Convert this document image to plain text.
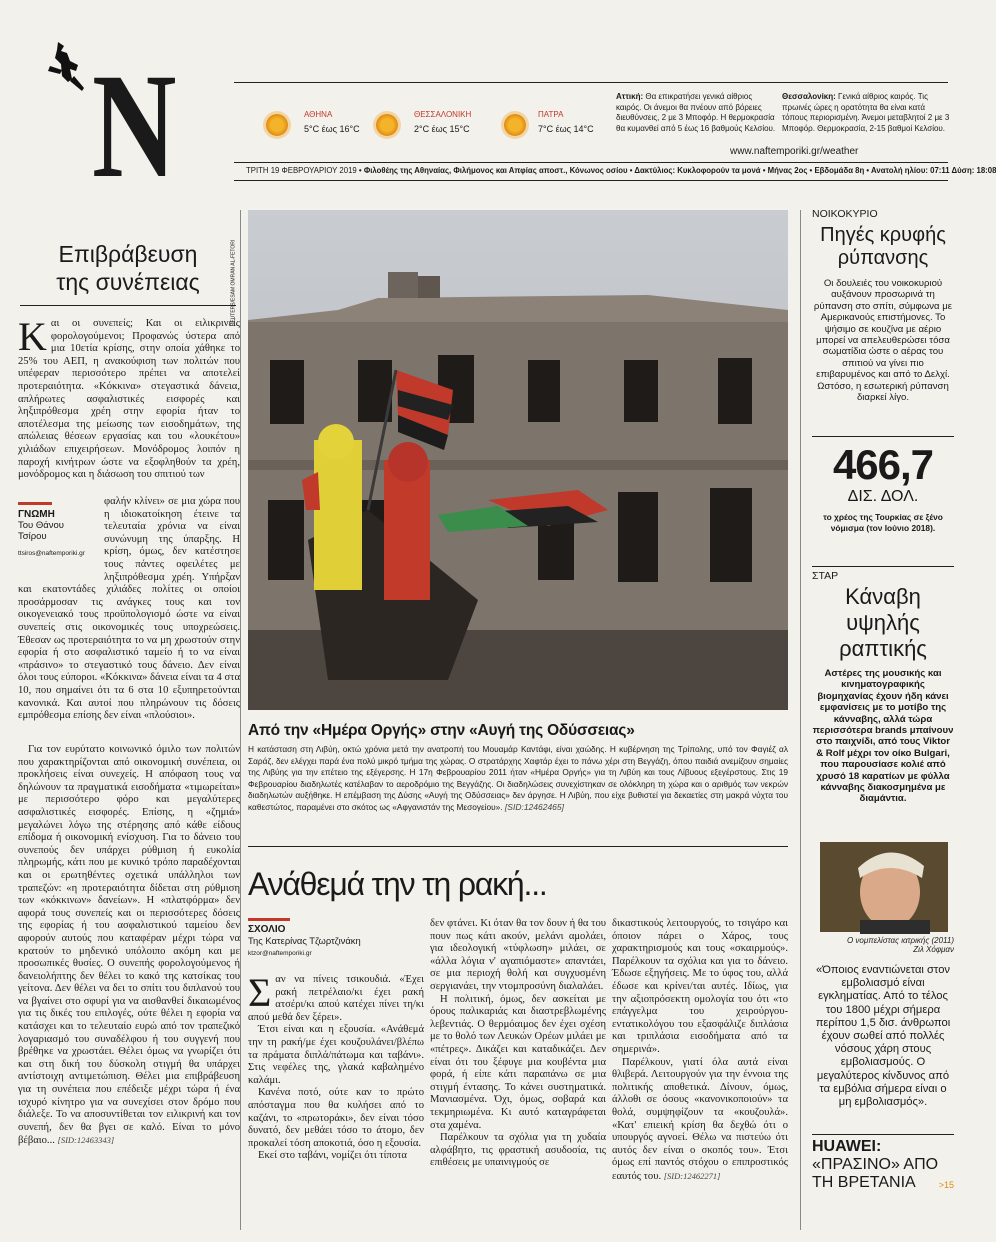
N	ΑΘΗΝΑ
5°C έως 16°C
ΘΕΣΣΑΛΟΝΙΚΗ
2°C έως 15°C
ΠΑΤΡΑ
7°C έως 14°C
Αττική: Θα επικρατήσει γενικά αίθριος καιρός. Οι άνεμοι θα πνέουν από βόρειες διευθύνσεις, 2 με 3 Μποφόρ. Η θερμοκρασία θα κυμανθεί από 5 έως 16 βαθμούς Κελσίου.
Θεσσαλονίκη: Γενικά αίθριος καιρός. Τις πρωινές ώρες η ορατότητα θα είναι κατά τόπους περιορισμένη. Άνεμοι μεταβλητοί 2 με 3 Μποφόρ. Θερμοκρασία, 2-15 βαθμοί Κελσίου.
www.naftemporiki.gr/weather
ΤΡΙΤΗ 19 ΦΕΒΡΟΥΑΡΙΟΥ 2019 • Φιλοθέης της Αθηναίας, Φιλήμονος και Απφίας αποστ., Κόνωνος οσίου • Δακτύλιος: Κυκλοφορούν τα μονά • Μήνας 2ος • Εβδομάδα 8η • Ανατολή ηλίου: 07:11 Δύση: 18:08
Επιβράβευση
της συνέπειας
Κ αι οι συνεπείς; Και οι ειλικρινείς φορολογούμενοι; Προφανώς ύστερα από μια 10ετία κρίσης, στην οποία χάθηκε το 25% του ΑΕΠ, η ανακούφιση των πολιτών που υπέφεραν περισσότερο πρέπει να αποτελεί προτεραιότητα. «Κόκκινα» στεγαστικά δάνεια, απλήρωτες ασφαλιστικές εισφορές και ληξιπρόθεσμα χρέη στην εφορία ήταν το αποτέλεσμα της μείωσης των εισοδημάτων, της απώλειας θέσεων εργασίας και του «λουκέτου» χιλιάδων επιχειρήσεων. Μονόδρομος λοιπόν η παροχή κινήτρων ώστε να εξοφληθούν τα χρέη, μονόδρομος και η διάσωση του σπιτιού των
ΓΝΩΜΗ
Του Θάνου
Τσίρου
ttsiros@naftemporiki.gr
φαλήν κλίνει» σε μια χώρα που η ιδιοκατοίκηση έτεινε τα τελευταία χρόνια να είναι συνώνυμη της ύπαρξης. Η κρίση, όμως, δεν κατέστησε τους πάντες οφειλέτες με ληξιπρόθεσμα χρέη. Υπήρξαν και εκατοντάδες χιλιάδες πολίτες οι οποίοι προσάρμοσαν τις ανάγκες τους και τον οικογενειακό τους προϋπολογισμό ώστε να είναι συνεπείς στις οικονομικές τους υποχρεώσεις. Έθεσαν ως προτεραιότητα το να μη χρωστούν στην εφορία ή στο ασφαλιστικό ταμείο ή το να είναι «πράσινο» το στεγαστικό τους δάνειο. Δεν είναι όλοι τους εύποροι. «Κόκκινα» δάνεια είναι τα 4 στα 10, που σημαίνει ότι τα 6 στα 10 εξυπηρετούνται κανονικά. Και αυτοί που πληρώνουν τις δόσεις εμπρόθεσμα επίσης δεν είναι «πλούσιοι».

Για τον ευρύτατο κοινωνικό όμιλο των πολιτών που χαρακτηρίζονται από οικονομική συνέπεια, οι προκλήσεις είναι συνεχείς. Η απόφαση τους να δηλώνουν τα πραγματικά εισοδήματα «τιμωρείται» με περισσότερο φόρο και μεγαλύτερες ασφαλιστικές εισφορές. Επίσης, η «ζημιά» μεγαλώνει λόγω της στέρησης από κάθε είδους επίδομα ή οικονομική ενίσχυση. Για το δάνειο του συνεπούς δεν υπάρχει ρύθμιση ή ευκολία πληρωμής, κάτι που με κυνικό τρόπο παραδέχονται και οι ερωτηθέντες σχετικά υπάλληλοι των τραπεζών: «η προτεραιότητα δίδεται στη ρύθμιση των «κόκκινων» δανείων». Η «πλατφόρμα» δεν αφορά τους συνεπείς και οι περισσότερες δόσεις της εφορίας ή του ασφαλιστικού ταμείου δεν αφορούν αυτούς που καταφέραν μέχρι τώρα να κρατούν το μηδενικό υπόλοιπο ακόμη και με προσωπικές θυσίες. Ο συνεπής φορολογούμενος ή δανειολήπτης δεν θέλει το κακό της κατσίκας του γείτονα. Δεν θέλει να δει το σπίτι του διπλανού του να βγαίνει στο σφυρί για να αισθανθεί δικαιωμένος για τις δικές του επιλογές, ούτε θέλει η εφορία να κατάσχει και το τελευταίο ευρώ από τον τραπεζικό λογαριασμό του συναδέλφου ή του συγγενή που βρέθηκε να χρωστάει. Θέλει όμως να γνωρίζει ότι και στη δική του δύσκολη στιγμή θα υπάρχει αντίστοιχη αντιμετώπιση. Θέλει μια επιβράβευση για τη συνέπεια που επέδειξε μέχρι τώρα ή ένα ισχυρό κίνητρο για να συνεχίσει στον δρόμο που διάλεξε. Το να αποσυντίθεται τον ειλικρινή και τον συνεπή, δεν θα βγει σε καλό. Είναι το μόνο βέβαιο... [SID:12463343]

REUTERS/ESAM OMRAN AL-FETORI
Από την «Ημέρα Οργής» στην «Αυγή της Οδύσσειας»
Η κατάσταση στη Λιβύη, οκτώ χρόνια μετά την ανατροπή του Μουαμάρ Καντάφι, είναι χαώδης. Η κυβέρνηση της Τρίπολης, υπό τον Φαγιέζ αλ Σαράζ, δεν ελέγχει παρά ένα πολύ μικρό τμήμα της χώρας. Ο στρατάρχης Χαφτάρ έχει το πάνω χέρι στη Βεγγάζη, όπου παιδιά ανεμίζουν σημαίες της Λιβύης για την επέτειο της εξέγερσης. Η 17η Φεβρουαρίου 2011 ήταν «Ημέρα Οργής» για τη Λιβύη και τους Λίβυους εξεγέρστους. Στις 19 Φεβρουαρίου διαδηλωτές κατέλαβαν το αεροδρόμιο της Βεγγάζης. Οι διαδηλώσεις συνεχίστηκαν σε ολόκληρη τη χώρα και ο αριθμός των νεκρών διαδηλωτών αυξήθηκε. Η επέμβαση της Δύσης «Αυγή της Οδύσσειας» δεν άργησε. Η Λιβύη, που είχε βυθιστεί για δεκαετίες στη μακρά νύχτα του καθεστώτος, παραμένει στο σκότος ως «Αφγανιστάν της Μεσογείου». [SID:12462465]
Ανάθεμά την τη ρακή...
ΣΧΟΛΙΟ
Της Κατερίνας Τζωρτζινάκη
ktzor@naftemporiki.gr
Σ αν να πίνεις τσικουδιά. «Έχει ρακή πετρέλαιο/κι έχει ρακή ατσέρι/κι απού κατέχει πίνει τη/κι απού μεθά δεν ξέρει».

Έτσι είναι και η εξουσία. «Ανάθεμά την τη ρακή/με έχει κουζουλάνει/βλέπω τα πράματα διπλά/πάτωμα και ταβάνι». Στις νεφέλες της, γλακά καβαλημένο καλάμι.

Κανένα ποτό, ούτε καν το πρώτο απόσταγμα που θα κυλήσει από το καζάνι, το «πρωτοράκι», δεν είναι τόσο δυνατό, δεν μεθάει τόσο το άτομο, δεν προκαλεί τόση αποκοτιά, όσο η εξουσία.

Εκεί στο ταβάνι, νομίζει ότι τίποτα

δεν φτάνει. Κι όταν θα τον δουν ή θα του πουν πως κάτι ακούν, μελάνι αμολάει, για ιδεολογική «τύφλωση» μιλάει, σε «άλλα λόγια ν' αγαπιόμαστε» απαντάει, σε μια περιοχή θολή και συγχυσμένη σεργιανάει, την ντομπροσύνη διαλαλάει.

Η πολιτική, όμως, δεν ασκείται με όρους παλικαριάς και διαστρεβλωμένης λεβεντιάς. Ο θερμόαιμος δεν έχει σχέση με το θολό των Λευκών Ορέων μιλάει με «πέτρες». Δικάζει και καταδικάζει. Δεν είναι ότι του ξέφυγε μια κουβέντα μια φορά, ή είπε κάτι παραπάνω σε μια στιγμή έντασης. Το κάνει συστηματικά. Μανιασμένα. Όχι, όμως, σοβαρά και τεκμηριωμένα. Κι αυτό καταγράφεται στα χαμένα.

Παρέλκουν τα σχόλια για τη χυδαία αλφάβητο, τις φραστική ασυδοσία, τις επιθέσεις με υπαινιγμούς σε

δικαστικούς λειτουργούς, το τσιγάρο και όποιον πάρει ο Χάρος, τους χαρακτηρισμούς και τους «σκαιρμούς». Παρέλκουν τα σχόλια και για το δάνειο. Έδωσε εξηγήσεις. Με το ύφος του, αλλά έδωσε και κρίνει/ται αυτές. Ιδίως, για την αξιοπρόσεκτη ομολογία του ότι «το επάγγελμα του χειρούργου-εντατικολόγου του εξασφάλιζε διπλάσια και τριπλάσια εισοδήματα από τα σημερινά».

Παρέλκουν, γιατί όλα αυτά είναι θλιβερά. Λειτουργούν για την έννοια της πολιτικής αποθετικά. Δίνουν, όμως, άλλοθι σε όσους «κανονικοποιούν» τα θολά, συμψηφίζουν τα «κουζουλά». «Κατ' επιεική κρίση θα δεχθώ ότι ο υπουργός αγνοεί. Θέλω να πιστεύω ότι αυτός δεν είναι ο σκοπός του». Έτσι όμως επί παντός στόχου ο επιπροστικός εαυτός του. [SID:12462271]

ΝΟΙΚΟΚΥΡΙΟ
Πηγές κρυφής
ρύπανσης
Οι δουλειές του νοικοκυριού αυξάνουν προσωρινά τη ρύπανση στο σπίτι, σύμφωνα με Αμερικανούς επιστήμονες. Το ψήσιμο σε κουζίνα με αέριο μπορεί να απελευθερώσει τόσα σωματίδια ώστε ο αέρας του σπιτιού να γίνει πιο επιβαρυμένος και από το Δελχί. Ωστόσο, η εσωτερική ρύπανση διαρκεί λίγο.
466,7
ΔΙΣ. ΔΟΛ.
το χρέος της Τουρκίας σε ξένο νόμισμα (τον Ιούνιο 2018).
ΣΤΑΡ
Κάναβη
υψηλής
ραπτικής
Αστέρες της μουσικής και κινηματογραφικής βιομηχανίας έχουν ήδη κάνει εμφανίσεις με το μοτίβο της κάνναβης, αλλά τώρα περισσότερα brands μπαίνουν στο παιχνίδι, από τους Viktor & Rolf μέχρι τον οίκο Bulgari, που παρουσίασε κολιέ από χρυσό 18 καρατίων με φύλλα κάνναβης διακοσμημένα με διαμάντια.
Ο νομπελίστας ιατρικής (2011)
Ζιλ Χόφμαν
«Όποιος εναντιώνεται στον εμβολιασμό είναι εγκληματίας. Από το τέλος του 1800 μέχρι σήμερα περίπου 1,5 δισ. άνθρωποι έχουν σωθεί από πολλές νόσους χάρη στους εμβολιασμούς. Ο μεγαλύτερος κίνδυνος από τα εμβόλια σήμερα είναι ο μη εμβολιασμός».
HUAWEI:
«ΠΡΑΣΙΝΟ» ΑΠΟ
ΤΗ ΒΡΕΤΑΝΙΑ	>15
